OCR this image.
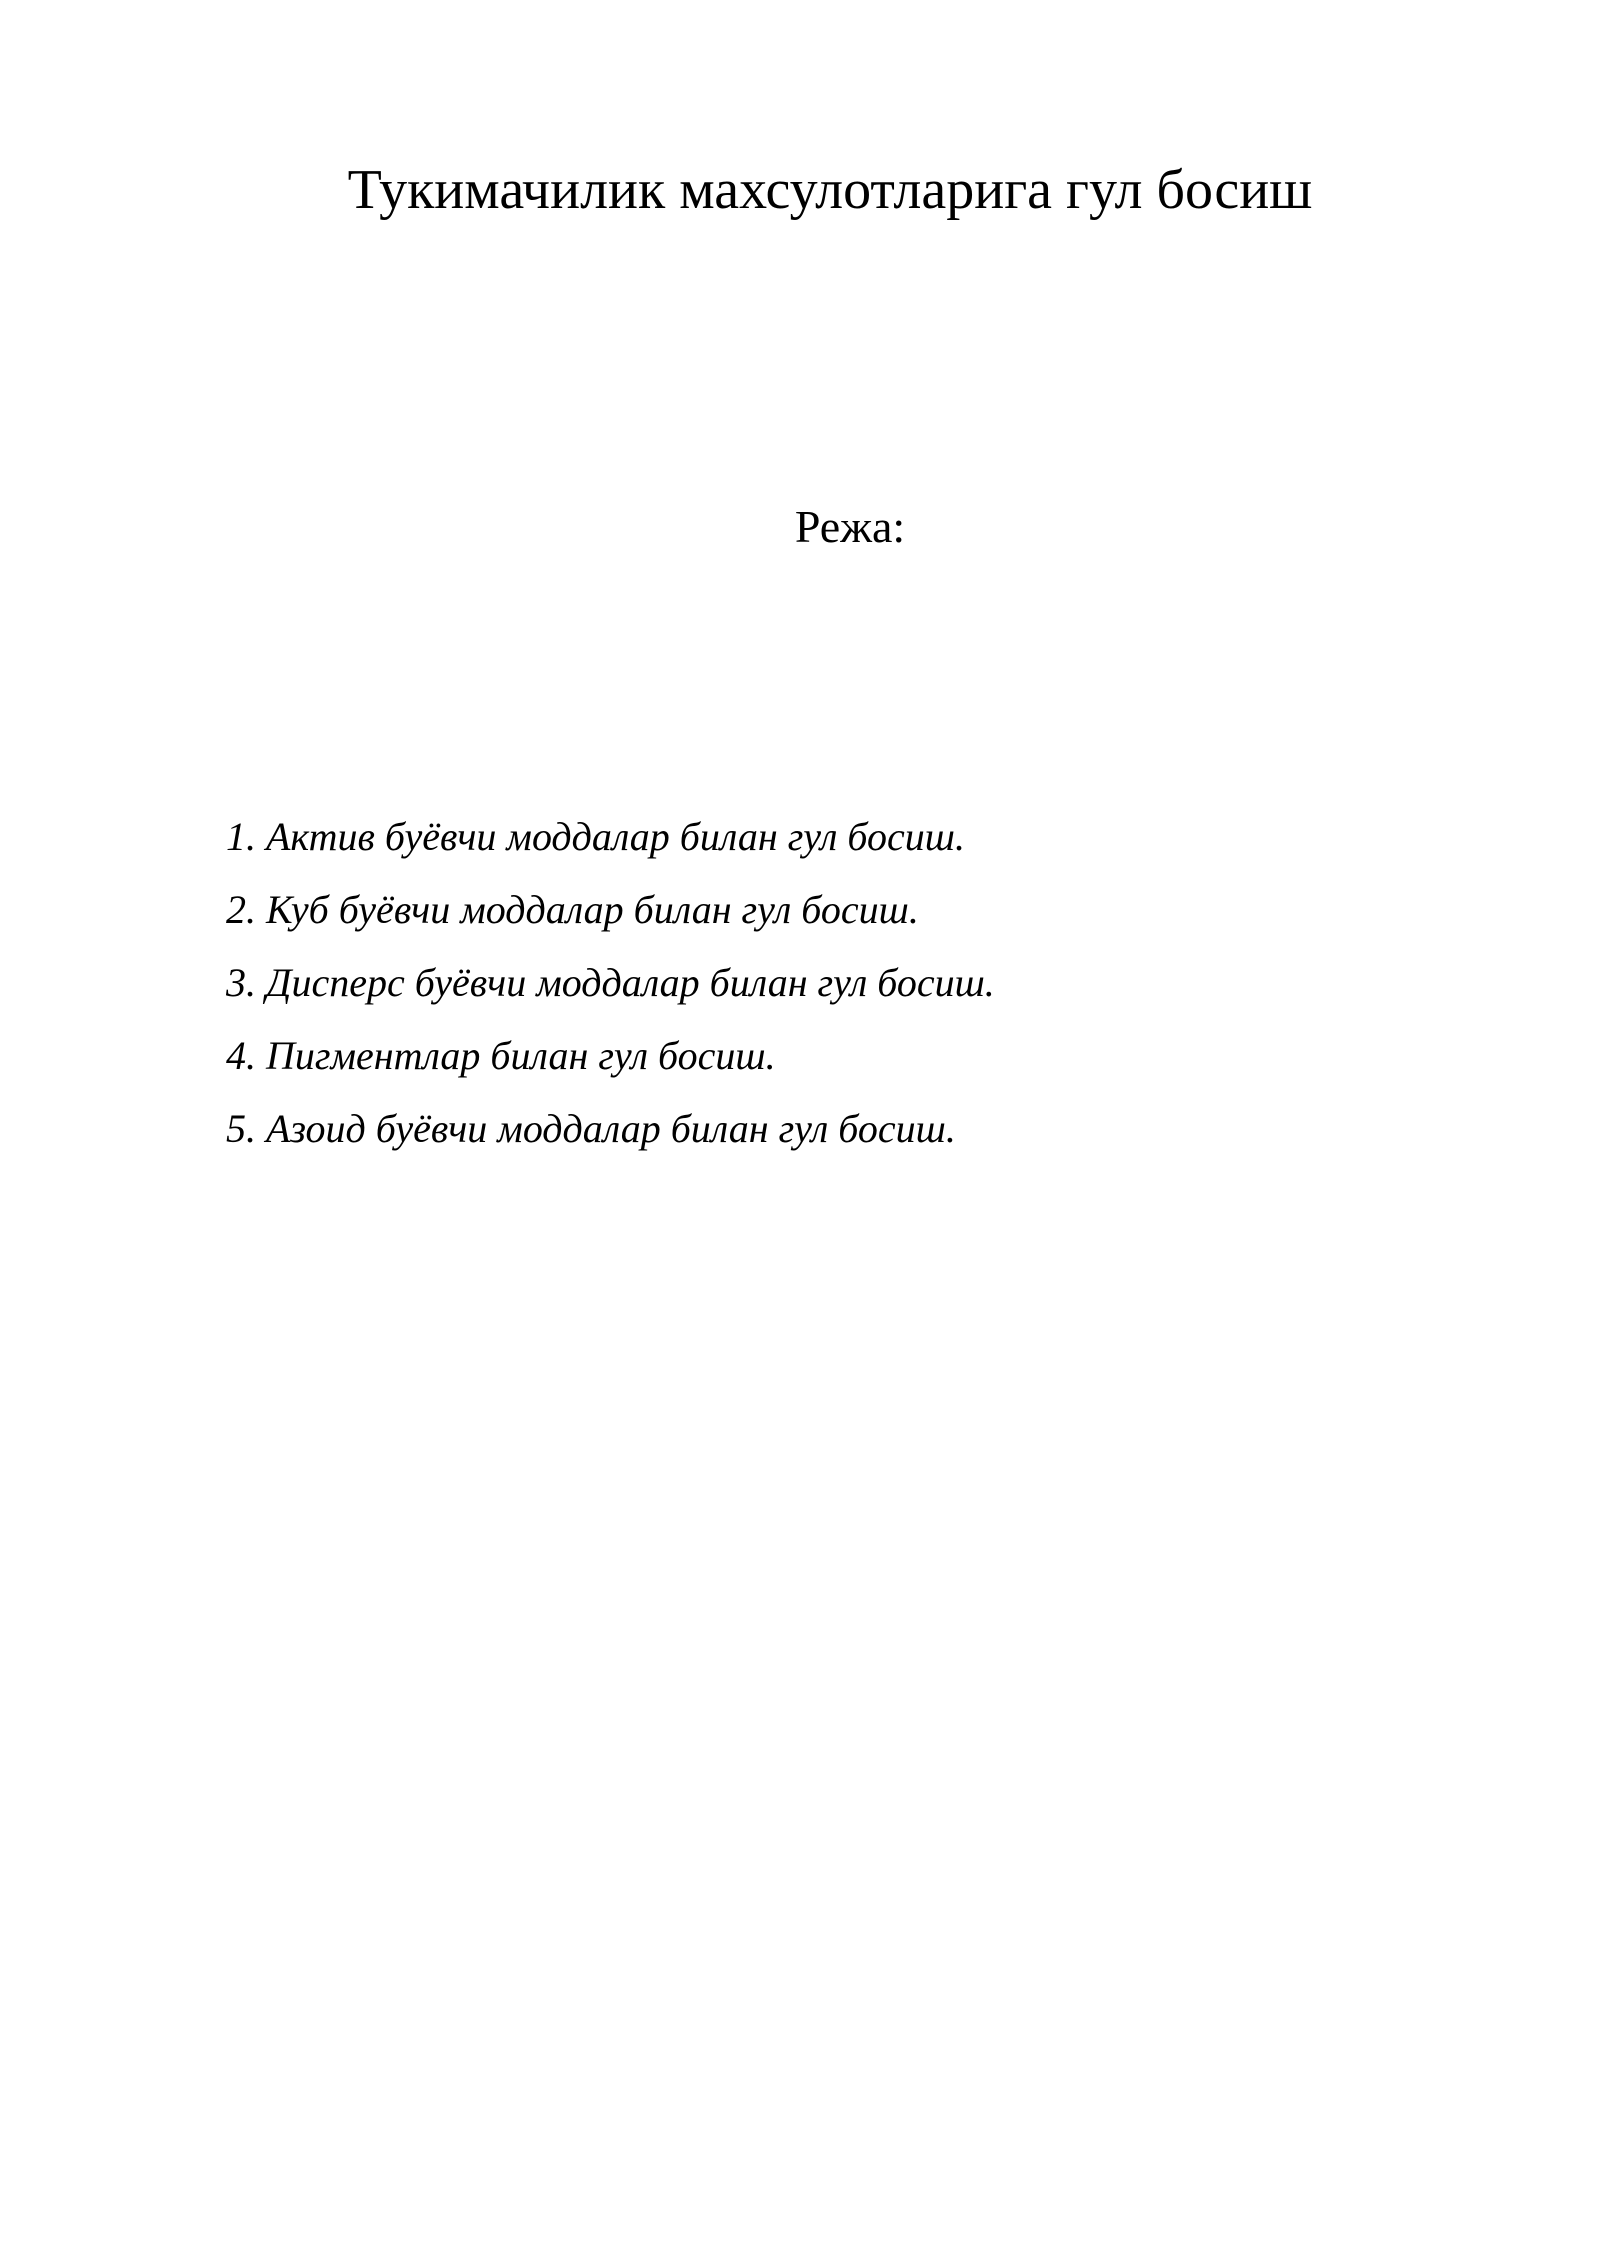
Тукимачилик махсулотларига гул босиш

Режа:

1. Актив буёвчи моддалар билан гул босиш.
2. Куб буёвчи моддалар билан гул босиш.
3. Дисперс буёвчи моддалар билан гул босиш.
4. Пигментлар билан гул босиш.
5. Азоид буёвчи моддалар билан гул босиш.
